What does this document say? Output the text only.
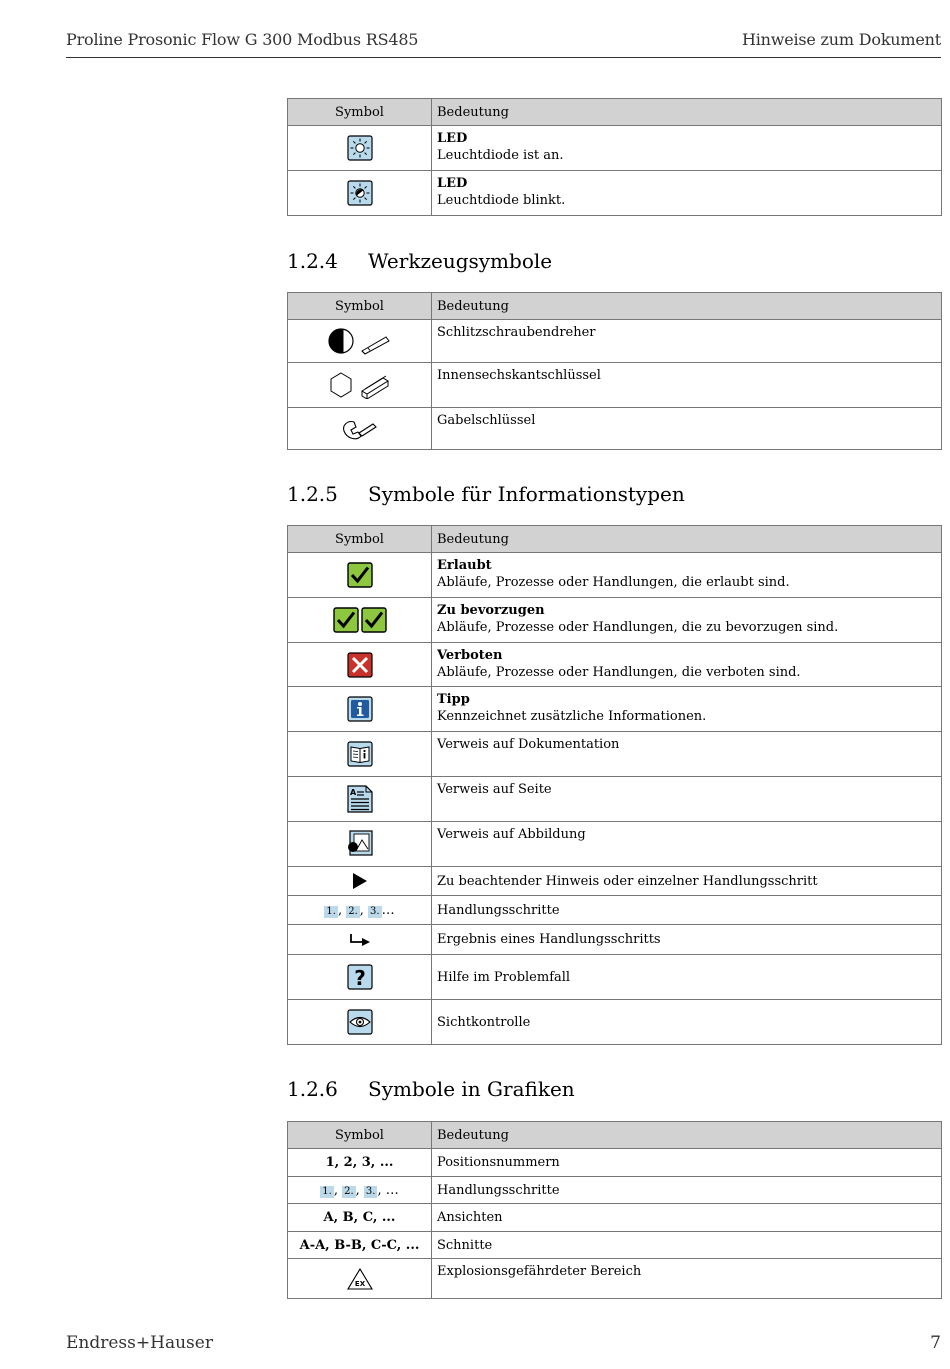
Proline Prosonic Flow G 300 Modbus RS485	Hinweise zum Dokument
Symbol	Bedeutung

LED
Leuchtdiode ist an.

LED
Leuchtdiode blinkt.
1.2.4 Werkzeugsymbole
Symbol	Bedeutung
	Schlitzschraubendreher
	Innensechskantschlüssel
	Gabelschlüssel
1.2.5 Symbole für Informationstypen
Symbol	Bedeutung

Erlaubt
Abläufe, Prozesse oder Handlungen, die erlaubt sind.

Zu bevorzugen
Abläufe, Prozesse oder Handlungen, die zu bevorzugen sind.

Verboten
Abläufe, Prozesse oder Handlungen, die verboten sind.

Tipp
Kennzeichnet zusätzliche Informationen.
	Verweis auf Dokumentation

A	Verweis auf Seite
	Verweis auf Abbildung
	Zu beachtender Hinweis oder einzelner Handlungsschritt
1. , 2. , 3. …	Handlungsschritte
	Ergebnis eines Handlungsschritts

?	Hilfe im Problemfall
	Sichtkontrolle
1.2.6 Symbole in Grafiken
Symbol	Bedeutung
1, 2, 3, ...	Positionsnummern
1. , 2. , 3. , …	Handlungsschritte
A, B, C, ...	Ansichten
A-A, B-B, C-C, ...	Schnitte

EX	Explosionsgefährdeter Bereich
Endress+Hauser	7
